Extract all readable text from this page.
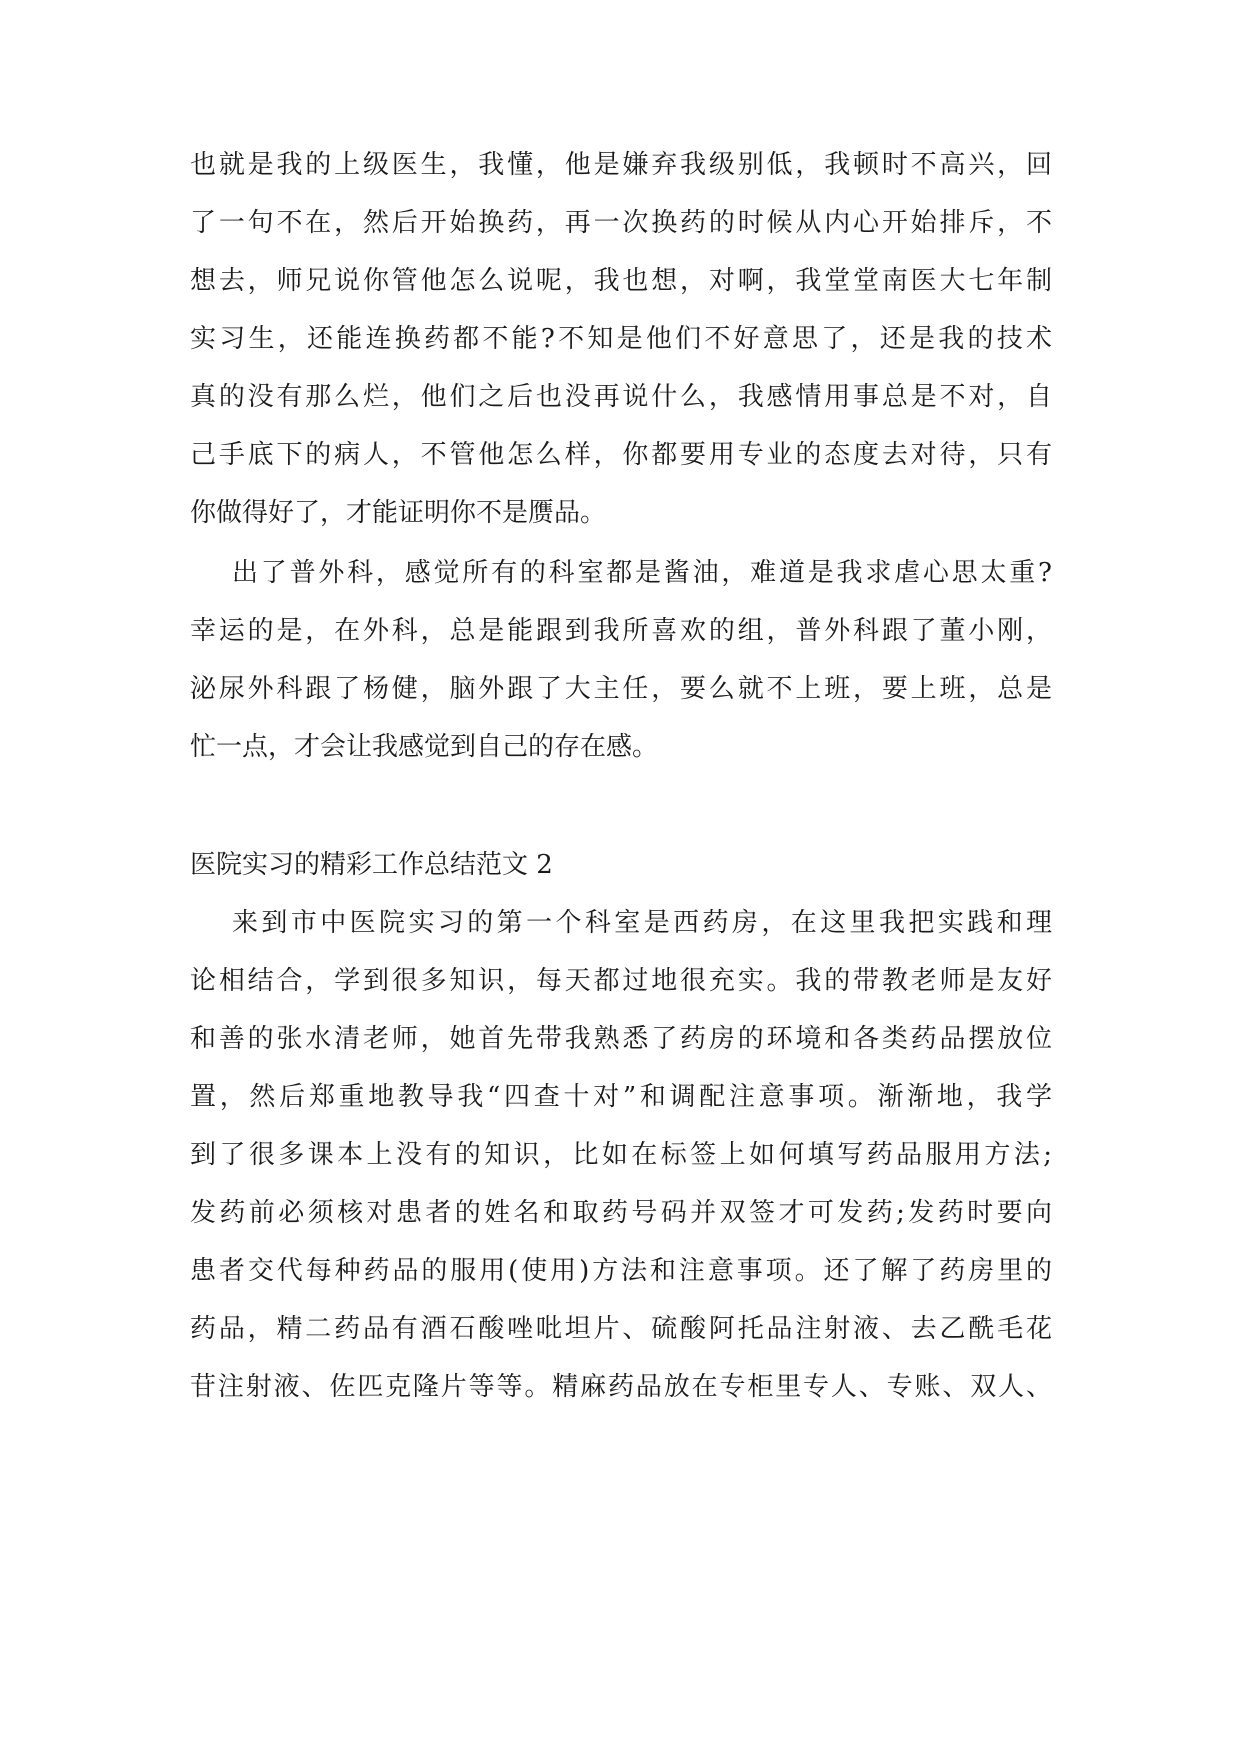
也就是我的上级医生，我懂，他是嫌弃我级别低，我顿时不高兴，回
了一句不在，然后开始换药，再一次换药的时候从内心开始排斥，不
想去，师兄说你管他怎么说呢，我也想，对啊，我堂堂南医大七年制
实习生，还能连换药都不能?不知是他们不好意思了，还是我的技术
真的没有那么烂，他们之后也没再说什么，我感情用事总是不对，自
己手底下的病人，不管他怎么样，你都要用专业的态度去对待，只有
你做得好了，才能证明你不是赝品。
出了普外科，感觉所有的科室都是酱油，难道是我求虐心思太重?
幸运的是，在外科，总是能跟到我所喜欢的组，普外科跟了董小刚，
泌尿外科跟了杨健，脑外跟了大主任，要么就不上班，要上班，总是
忙一点，才会让我感觉到自己的存在感。
医院实习的精彩工作总结范文 2
来到市中医院实习的第一个科室是西药房，在这里我把实践和理
论相结合，学到很多知识，每天都过地很充实。我的带教老师是友好
和善的张水清老师，她首先带我熟悉了药房的环境和各类药品摆放位
置，然后郑重地教导我“四查十对”和调配注意事项。渐渐地，我学
到了很多课本上没有的知识，比如在标签上如何填写药品服用方法;
发药前必须核对患者的姓名和取药号码并双签才可发药;发药时要向
患者交代每种药品的服用(使用)方法和注意事项。还了解了药房里的
药品，精二药品有酒石酸唑吡坦片、硫酸阿托品注射液、去乙酰毛花
苷注射液、佐匹克隆片等等。精麻药品放在专柜里专人、专账、双人、
